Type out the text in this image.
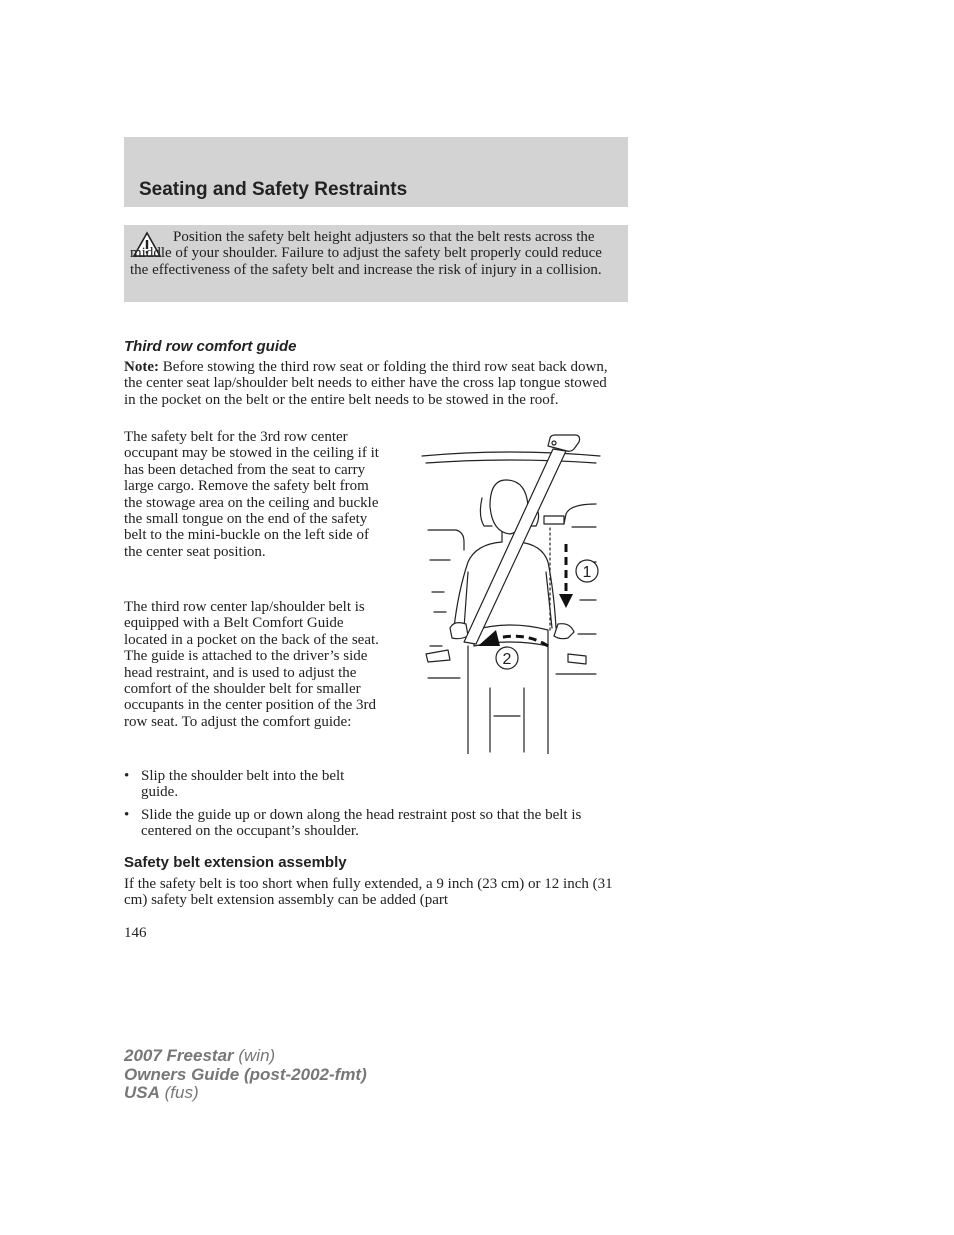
Seating and Safety Restraints

Position the safety belt height adjusters so that the belt rests across the middle of your shoulder. Failure to adjust the safety belt properly could reduce the effectiveness of the safety belt and increase the risk of injury in a collision.

Third row comfort guide

Note: Before stowing the third row seat or folding the third row seat back down, the center seat lap/shoulder belt needs to either have the cross lap tongue stowed in the pocket on the belt or the entire belt needs to be stowed in the roof.

The safety belt for the 3rd row center occupant may be stowed in the ceiling if it has been detached from the seat to carry large cargo. Remove the safety belt from the stowage area on the ceiling and buckle the small tongue on the end of the safety belt to the mini-buckle on the left side of the center seat position.

The third row center lap/shoulder belt is equipped with a Belt Comfort Guide located in a pocket on the back of the seat. The guide is attached to the driver’s side head restraint, and is used to adjust the comfort of the shoulder belt for smaller occupants in the center position of the 3rd row seat. To adjust the comfort guide:

• Slip the shoulder belt into the belt guide.
• Slide the guide up or down along the head restraint post so that the belt is centered on the occupant’s shoulder.
1
2
Safety belt extension assembly

If the safety belt is too short when fully extended, a 9 inch (23 cm) or 12 inch (31 cm) safety belt extension assembly can be added (part

146

2007 Freestar (win)
Owners Guide (post-2002-fmt)
USA (fus)
